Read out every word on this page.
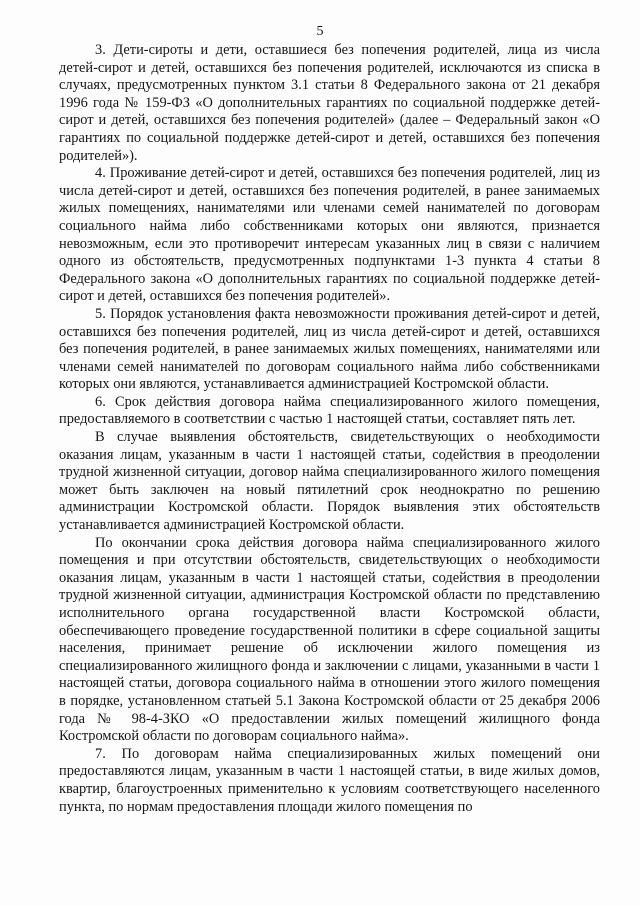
5

3. Дети-сироты и дети, оставшиеся без попечения родителей, лица из числа детей-сирот и детей, оставшихся без попечения родителей, исключаются из списка в случаях, предусмотренных пунктом 3.1 статьи 8 Федерального закона от 21 декабря 1996 года № 159-ФЗ «О дополнительных гарантиях по социальной поддержке детей-сирот и детей, оставшихся без попечения родителей» (далее – Федеральный закон «О гарантиях по социальной поддержке детей-сирот и детей, оставшихся без попечения родителей»).

4. Проживание детей-сирот и детей, оставшихся без попечения родителей, лиц из числа детей-сирот и детей, оставшихся без попечения родителей, в ранее занимаемых жилых помещениях, нанимателями или членами семей нанимателей по договорам социального найма либо собственниками которых они являются, признается невозможным, если это противоречит интересам указанных лиц в связи с наличием одного из обстоятельств, предусмотренных подпунктами 1-3 пункта 4 статьи 8 Федерального закона «О дополнительных гарантиях по социальной поддержке детей-сирот и детей, оставшихся без попечения родителей».

5. Порядок установления факта невозможности проживания детей-сирот и детей, оставшихся без попечения родителей, лиц из числа детей-сирот и детей, оставшихся без попечения родителей, в ранее занимаемых жилых помещениях, нанимателями или членами семей нанимателей по договорам социального найма либо собственниками которых они являются, устанавливается администрацией Костромской области.

6. Срок действия договора найма специализированного жилого помещения, предоставляемого в соответствии с частью 1 настоящей статьи, составляет пять лет.

В случае выявления обстоятельств, свидетельствующих о необходимости оказания лицам, указанным в части 1 настоящей статьи, содействия в преодолении трудной жизненной ситуации, договор найма специализированного жилого помещения может быть заключен на новый пятилетний срок неоднократно по решению администрации Костромской области. Порядок выявления этих обстоятельств устанавливается администрацией Костромской области.

По окончании срока действия договора найма специализированного жилого помещения и при отсутствии обстоятельств, свидетельствующих о необходимости оказания лицам, указанным в части 1 настоящей статьи, содействия в преодолении трудной жизненной ситуации, администрация Костромской области по представлению исполнительного органа государственной власти Костромской области, обеспечивающего проведение государственной политики в сфере социальной защиты населения, принимает решение об исключении жилого помещения из специализированного жилищного фонда и заключении с лицами, указанными в части 1 настоящей статьи, договора социального найма в отношении этого жилого помещения в порядке, установленном статьей 5.1 Закона Костромской области от 25 декабря 2006 года № 98-4-ЗКО «О предоставлении жилых помещений жилищного фонда Костромской области по договорам социального найма».

7. По договорам найма специализированных жилых помещений они предоставляются лицам, указанным в части 1 настоящей статьи, в виде жилых домов, квартир, благоустроенных применительно к условиям соответствующего населенного пункта, по нормам предоставления площади жилого помещения по
